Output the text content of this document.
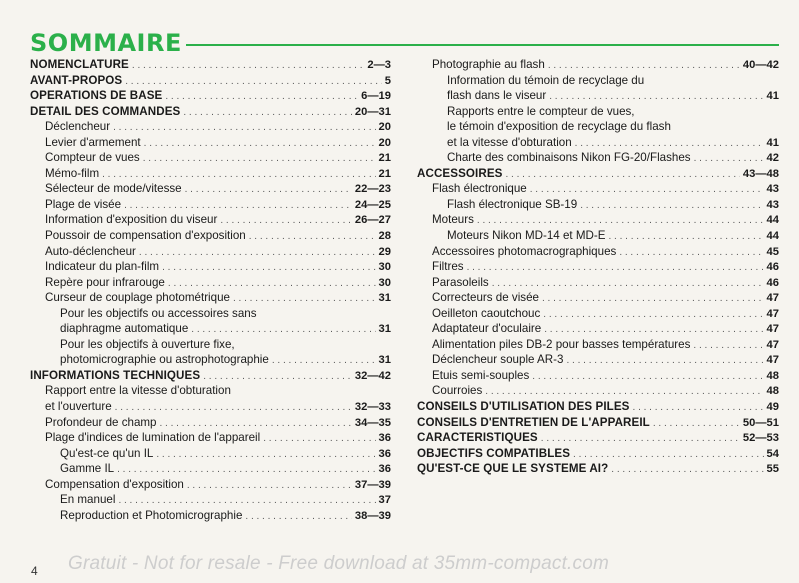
SOMMAIRE
NOMENCLATURE . . .	2—3
AVANT-PROPOS . . .	5
OPERATIONS DE BASE . . .	6—19
DETAIL DES COMMANDES . . .	20—31
Déclencheur . . .	20
Levier d'armement . . .	20
Compteur de vues . . .	21
Mémo-film . . .	21
Sélecteur de mode/vitesse . . .	22—23
Plage de visée . . .	24—25
Information d'exposition du viseur . . .	26—27
Poussoir de compensation d'exposition . . .	28
Auto-déclencheur . . .	29
Indicateur du plan-film . . .	30
Repère pour infrarouge . . .	30
Curseur de couplage photométrique . . .	31
Pour les objectifs ou accessoires sans
diaphragme automatique . . .	31
Pour les objectifs à ouverture fixe,
photomicrographie ou astrophotographie . . .	31
INFORMATIONS TECHNIQUES . . .	32—42
Rapport entre la vitesse d'obturation
et l'ouverture . . .	32—33
Profondeur de champ . . .	34—35
Plage d'indices de lumination de l'appareil . . .	36
Qu'est-ce qu'un IL . . .	36
Gamme IL . . .	36
Compensation d'exposition . . .	37—39
En manuel . . .	37
Reproduction et Photomicrographie . . .	38—39
Photographie au flash . . .	40—42
Information du témoin de recyclage du
flash dans le viseur . . .	41
Rapports entre le compteur de vues,
le témoin d'exposition de recyclage du flash
et la vitesse d'obturation . . .	41
Charte des combinaisons Nikon FG-20/Flashes . . .	42
ACCESSOIRES . . .	43—48
Flash électronique . . .	43
Flash électronique SB-19 . . .	43
Moteurs . . .	44
Moteurs Nikon MD-14 et MD-E . . .	44
Accessoires photomacrographiques . . .	45
Filtres . . .	46
Parasoleils . . .	46
Correcteurs de visée . . .	47
Oeilleton caoutchouc . . .	47
Adaptateur d'oculaire . . .	47
Alimentation piles DB-2 pour basses températures . . .	47
Déclencheur souple AR-3 . . .	47
Etuis semi-souples . . .	48
Courroies . . .	48
CONSEILS D'UTILISATION DES PILES . . .	49
CONSEILS D'ENTRETIEN DE L'APPAREIL . . .	50—51
CARACTERISTIQUES . . .	52—53
OBJECTIFS COMPATIBLES . . .	54
QU'EST-CE QUE LE SYSTEME AI? . . .	55
4 Gratuit - Not for resale - Free download at 35mm-compact.com
